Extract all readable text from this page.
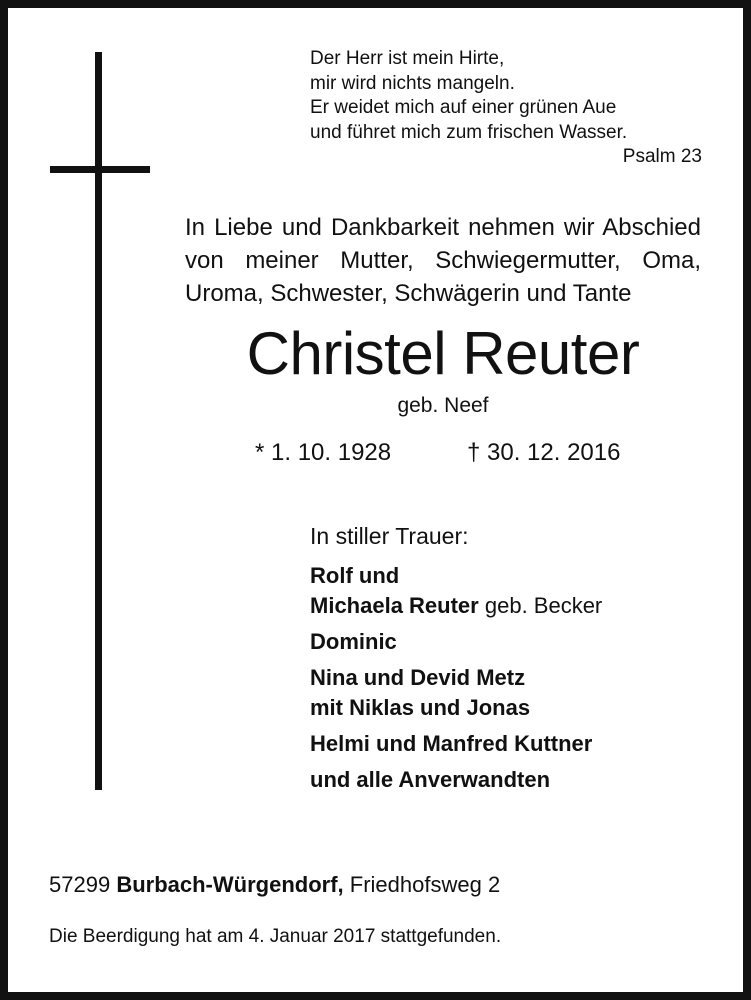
Der Herr ist mein Hirte,
mir wird nichts mangeln.
Er weidet mich auf einer grünen Aue
und führet mich zum frischen Wasser.
Psalm 23
In Liebe und Dankbarkeit nehmen wir Abschied
von meiner Mutter, Schwiegermutter, Oma,
Uroma, Schwester, Schwägerin und Tante
Christel Reuter
geb. Neef
* 1. 10. 1928	† 30. 12. 2016
In stiller Trauer:
Rolf und
Michaela Reuter geb. Becker
Dominic
Nina und Devid Metz
mit Niklas und Jonas
Helmi und Manfred Kuttner
und alle Anverwandten
57299 Burbach-Würgendorf, Friedhofsweg 2
Die Beerdigung hat am 4. Januar 2017 stattgefunden.
